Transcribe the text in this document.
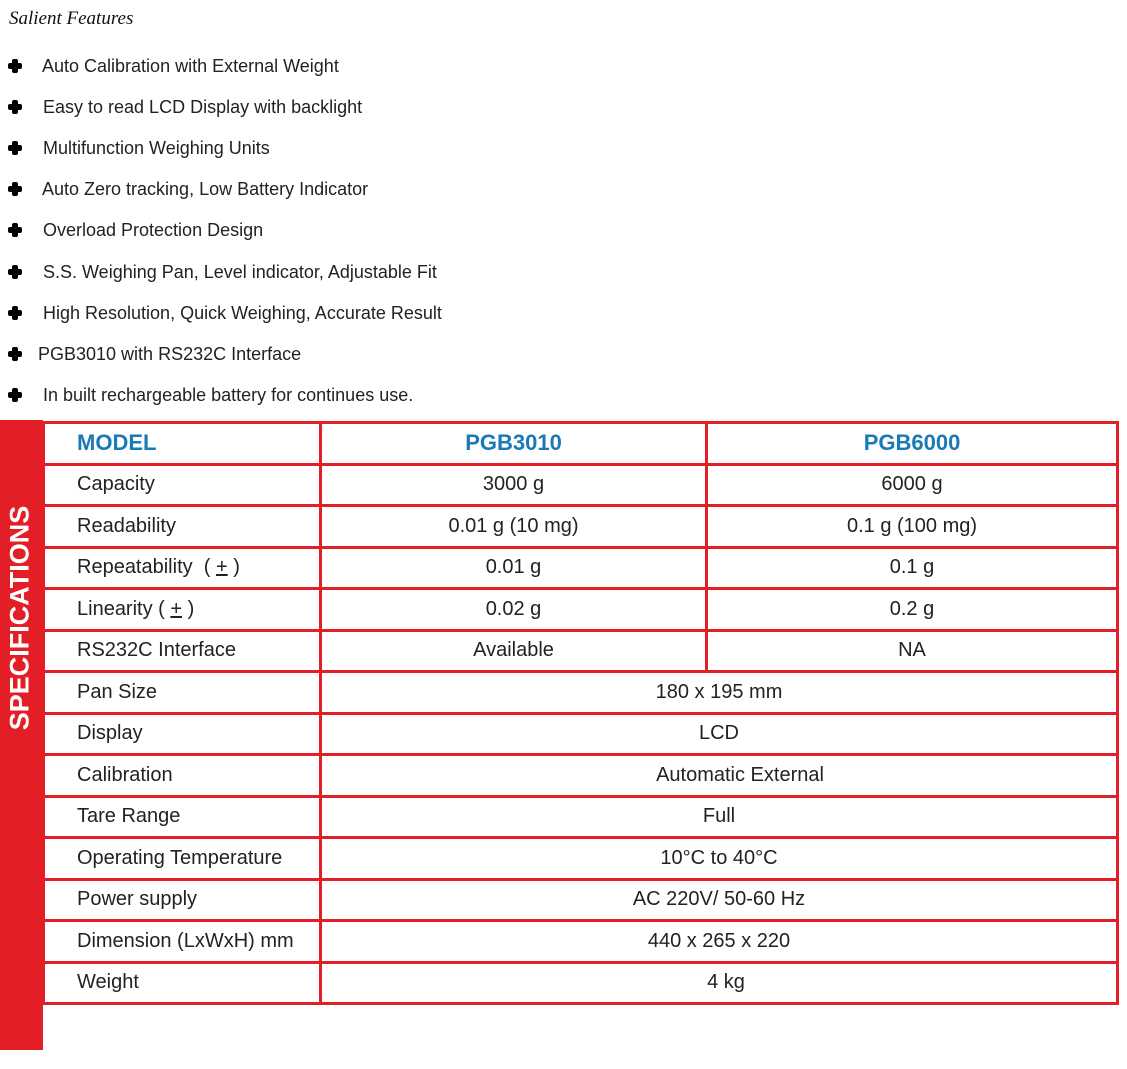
Salient Features
Auto Calibration with External Weight
Easy to read LCD Display with backlight
Multifunction Weighing Units
Auto Zero tracking, Low Battery Indicator
Overload Protection Design
S.S. Weighing Pan, Level indicator, Adjustable Fit
High Resolution, Quick Weighing, Accurate Result
PGB3010 with RS232C Interface
In built rechargeable battery for continues use.
SPECIFICATIONS
MODEL	PGB3010	PGB6000
Capacity	3000 g	6000 g
Readability	0.01 g (10 mg)	0.1 g (100 mg)
Repeatability  ( + )	0.01 g	0.1 g
Linearity ( + )	0.02 g	0.2 g
RS232C Interface	Available	NA
Pan Size	180 x 195 mm	
Display	LCD	
Calibration	Automatic External	
Tare Range	Full	
Operating Temperature	10°C to 40°C	
Power supply	AC 220V/ 50-60 Hz	
Dimension (LxWxH) mm	440 x 265 x 220	
Weight	4 kg	
